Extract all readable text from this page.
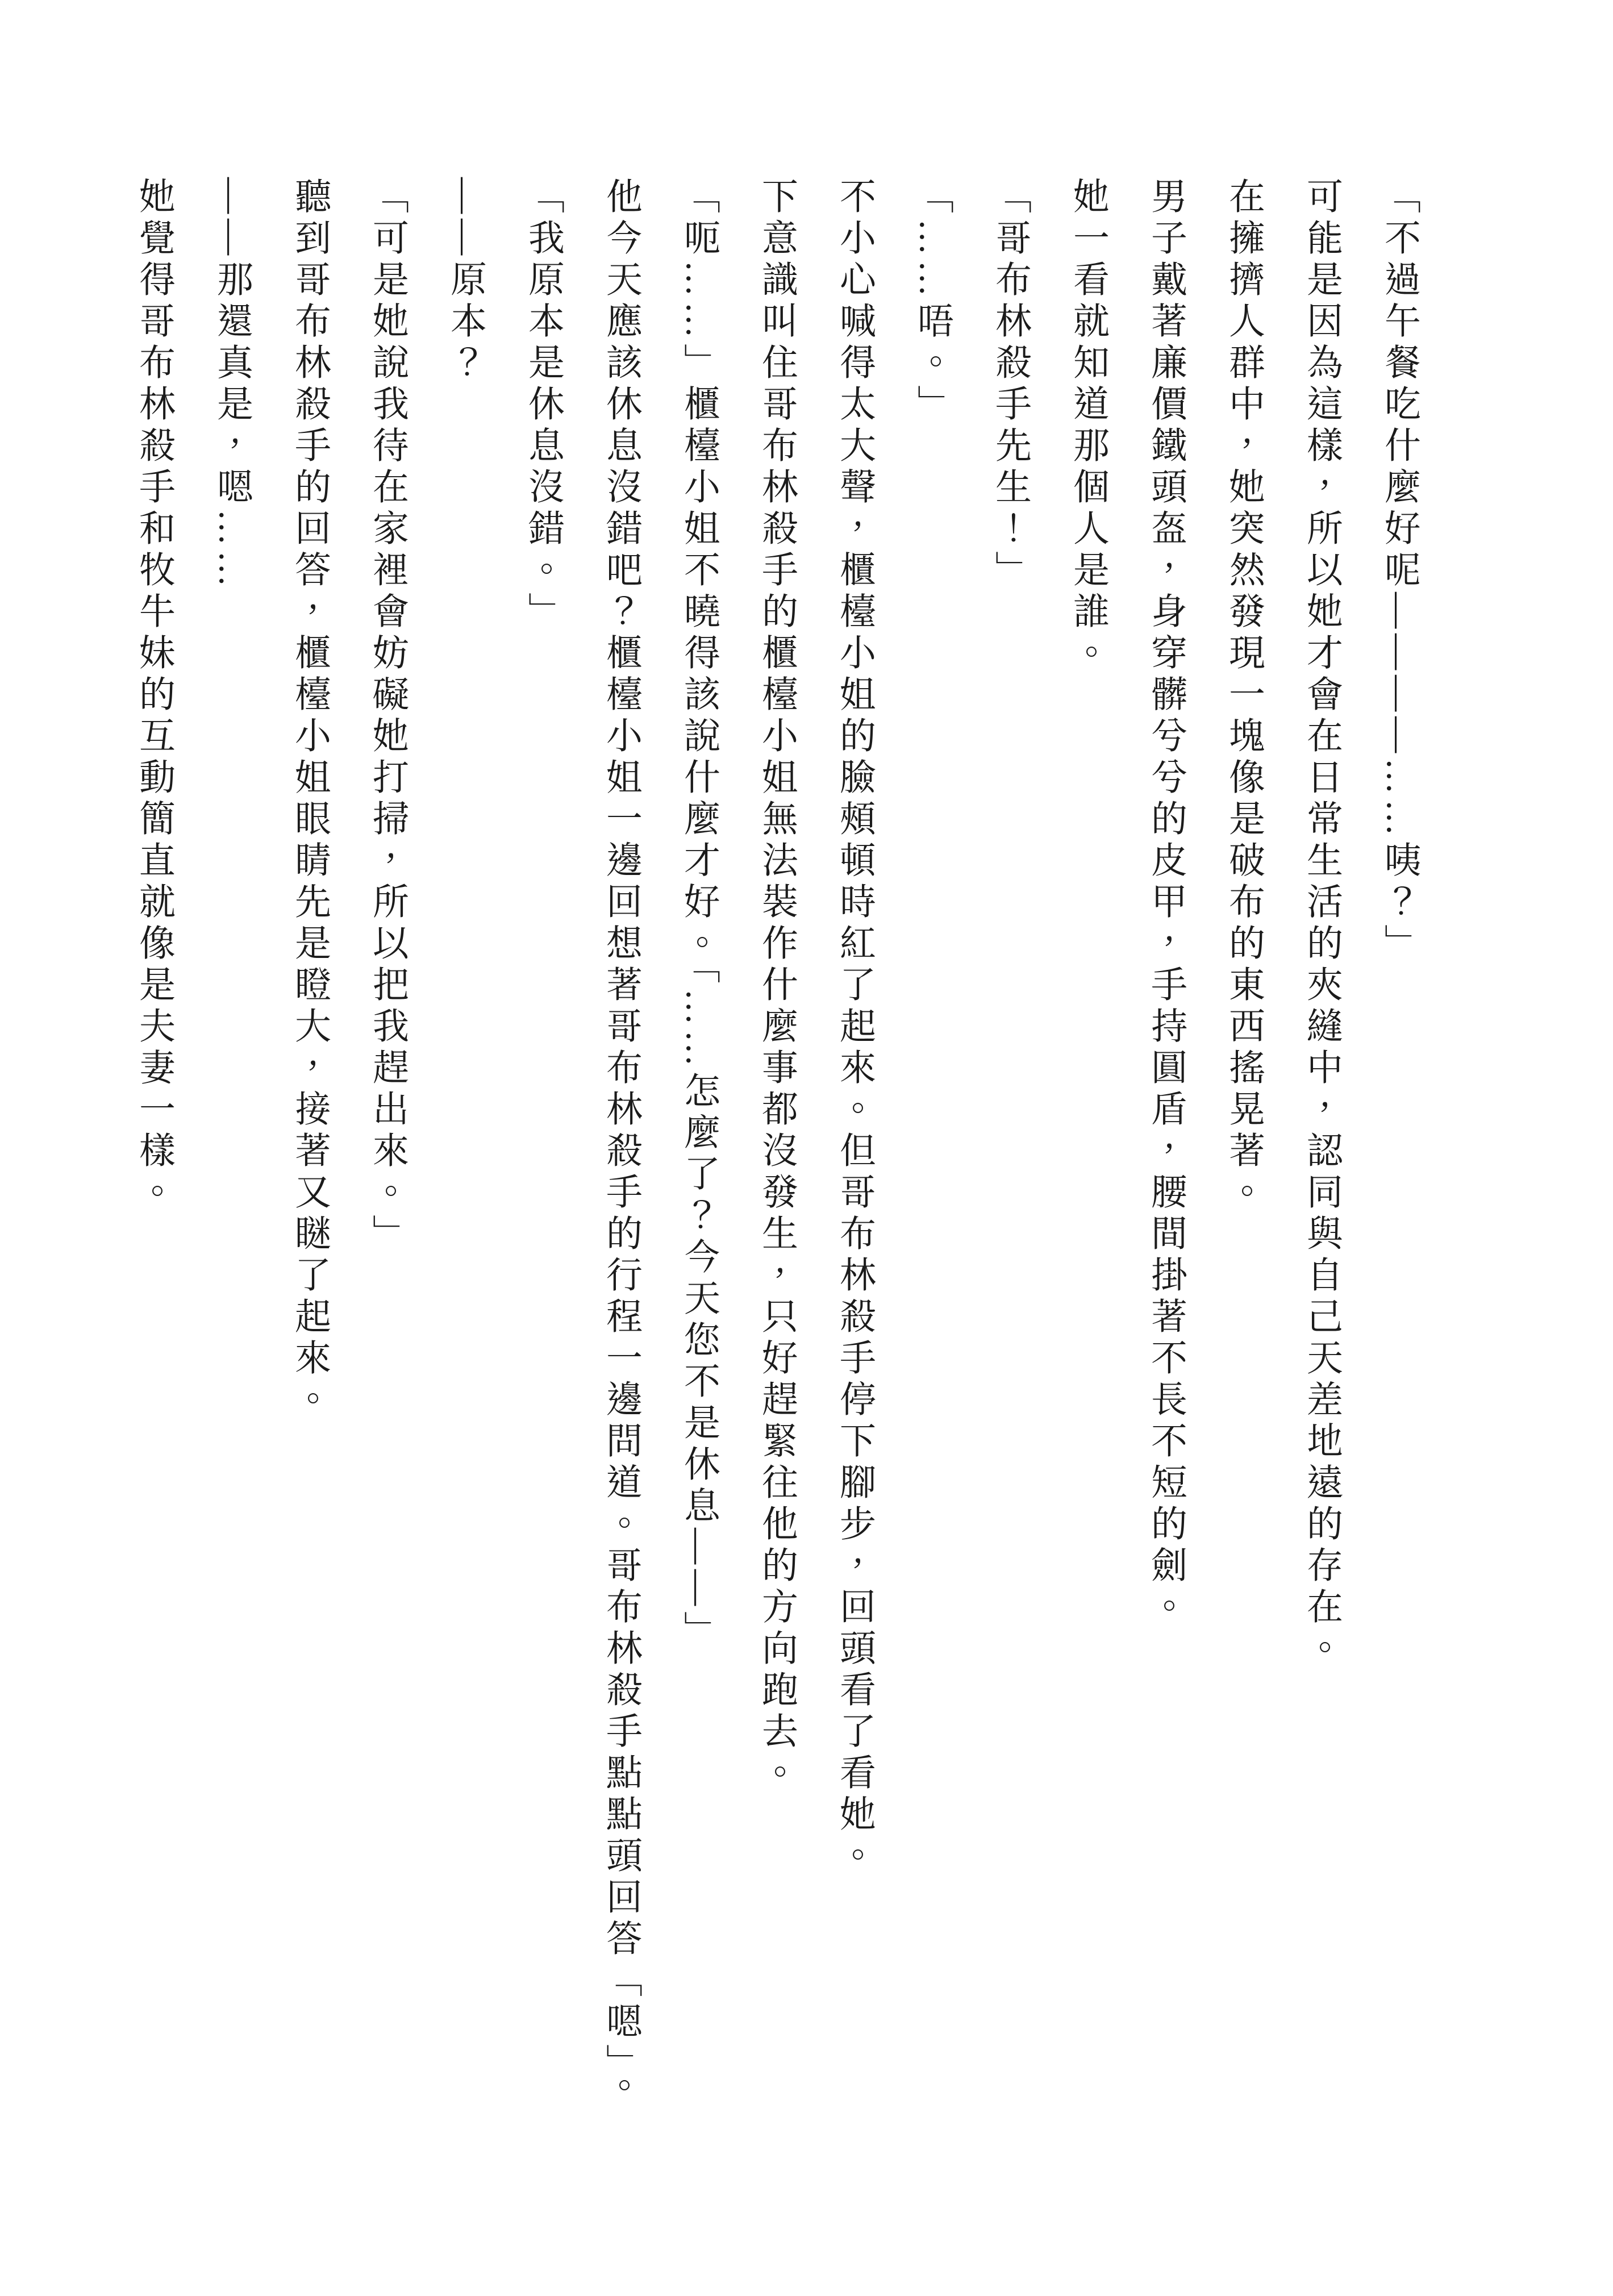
「不過午餐吃什麼好呢————……咦？」

可能是因為這樣，所以她才會在日常生活的夾縫中，認同與自己天差地遠的存在。

在擁擠人群中，她突然發現一塊像是破布的東西搖晃著。

男子戴著廉價鐵頭盔，身穿髒兮兮的皮甲，手持圓盾，腰間掛著不長不短的劍。

她一看就知道那個人是誰。

「哥布林殺手先生！」

「……唔。」

不小心喊得太大聲，櫃檯小姐的臉頰頓時紅了起來。但哥布林殺手停下腳步，回頭看了看她。

下意識叫住哥布林殺手的櫃檯小姐無法裝作什麼事都沒發生，只好趕緊往他的方向跑去。

「呃……」櫃檯小姐不曉得該說什麼才好。「……怎麼了？今天您不是休息——」

他今天應該休息沒錯吧？櫃檯小姐一邊回想著哥布林殺手的行程一邊問道。哥布林殺手點點頭回答「嗯」。

「我原本是休息沒錯。」

——原本？

「可是她說我待在家裡會妨礙她打掃，所以把我趕出來。」

聽到哥布林殺手的回答，櫃檯小姐眼睛先是瞪大，接著又瞇了起來。

——那還真是，嗯……

她覺得哥布林殺手和牧牛妹的互動簡直就像是夫妻一樣。
